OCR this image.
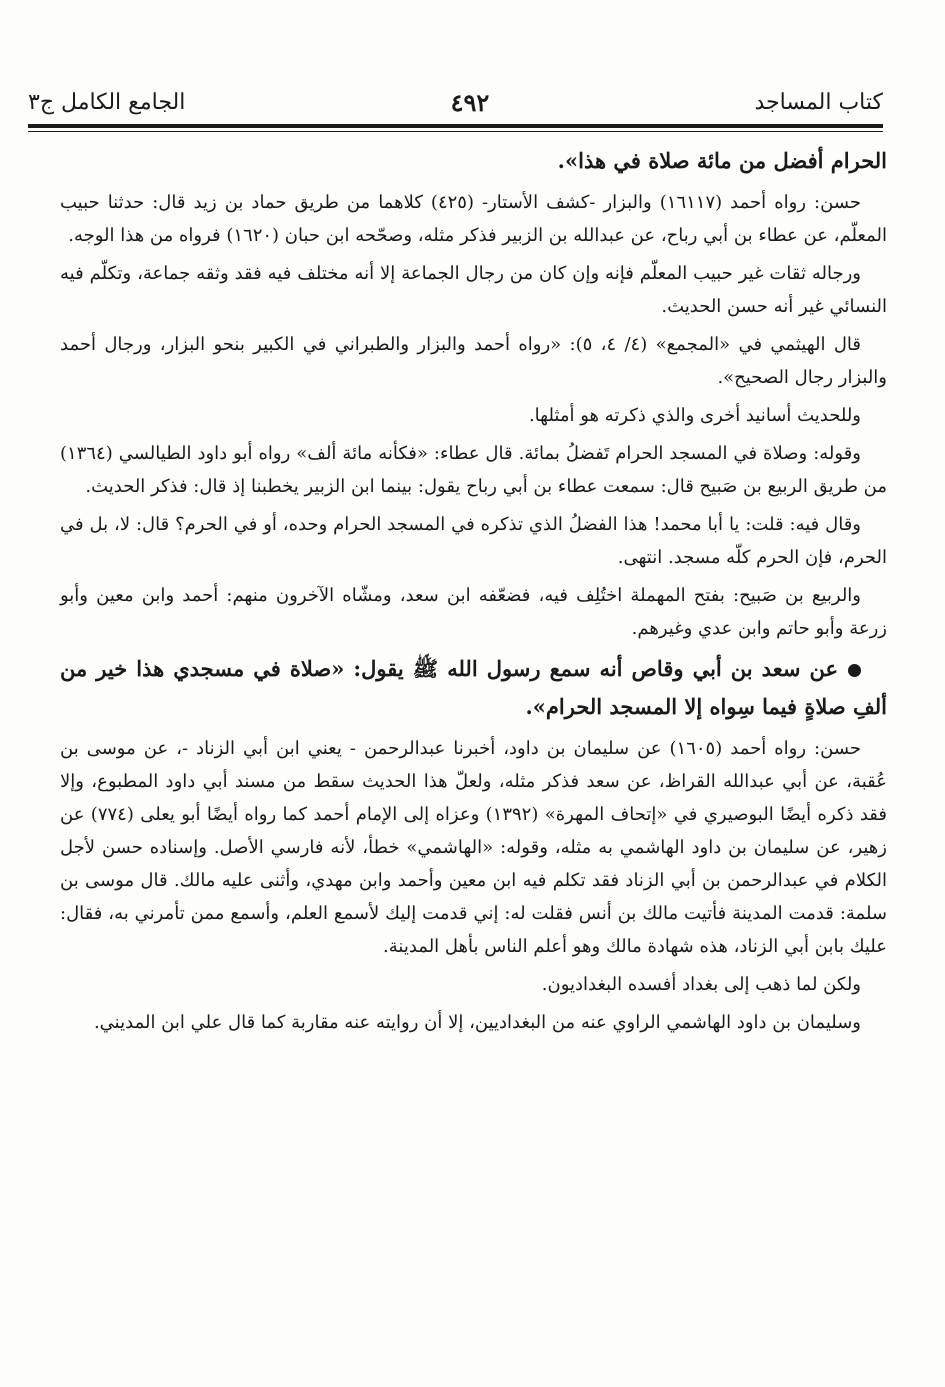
كتاب المساجد
٤٩٢
الجامع الكامل ج٣

الحرام أفضل من مائة صلاة في هذا».

حسن: رواه أحمد (١٦١١٧) والبزار -كشف الأستار- (٤٢٥) كلاهما من طريق حماد بن زيد قال: حدثنا حبيب المعلّم، عن عطاء بن أبي رباح، عن عبدالله بن الزبير فذكر مثله، وصحّحه ابن حبان (١٦٢٠) فرواه من هذا الوجه.

ورجاله ثقات غير حبيب المعلّم فإنه وإن كان من رجال الجماعة إلا أنه مختلف فيه فقد وثقه جماعة، وتكلّم فيه النسائي غير أنه حسن الحديث.

قال الهيثمي في «المجمع» (٤/ ٤، ٥): «رواه أحمد والبزار والطبراني في الكبير بنحو البزار، ورجال أحمد والبزار رجال الصحيح».

وللحديث أسانيد أخرى والذي ذكرته هو أمثلها.

وقوله: وصلاة في المسجد الحرام تَفضلُ بمائة. قال عطاء: «فكأنه مائة ألف» رواه أبو داود الطيالسي (١٣٦٤) من طريق الربيع بن صَبيح قال: سمعت عطاء بن أبي رباح يقول: بينما ابن الزبير يخطبنا إذ قال: فذكر الحديث.

وقال فيه: قلت: يا أبا محمد! هذا الفضلُ الذي تذكره في المسجد الحرام وحده، أو في الحرم؟ قال: لا، بل في الحرم، فإن الحرم كلّه مسجد. انتهى.

والربيع بن صَبيح: بفتح المهملة اختُلِف فيه، فضعّفه ابن سعد، ومشّاه الآخرون منهم: أحمد وابن معين وأبو زرعة وأبو حاتم وابن عدي وغيرهم.

عن سعد بن أبي وقاص أنه سمع رسول الله ﷺ يقول: «صلاة في مسجدي هذا خير من ألفِ صلاةٍ فيما سِواه إلا المسجد الحرام».

حسن: رواه أحمد (١٦٠٥) عن سليمان بن داود، أخبرنا عبدالرحمن - يعني ابن أبي الزناد -، عن موسى بن عُقبة، عن أبي عبدالله القراظ، عن سعد فذكر مثله، ولعلّ هذا الحديث سقط من مسند أبي داود المطبوع، وإلا فقد ذكره أيضًا البوصيري في «إتحاف المهرة» (١٣٩٢) وعزاه إلى الإمام أحمد كما رواه أيضًا أبو يعلى (٧٧٤) عن زهير، عن سليمان بن داود الهاشمي به مثله، وقوله: «الهاشمي» خطأ، لأنه فارسي الأصل. وإسناده حسن لأجل الكلام في عبدالرحمن بن أبي الزناد فقد تكلم فيه ابن معين وأحمد وابن مهدي، وأثنى عليه مالك. قال موسى بن سلمة: قدمت المدينة فأتيت مالك بن أنس فقلت له: إني قدمت إليك لأسمع العلم، وأسمع ممن تأمرني به، فقال: عليك بابن أبي الزناد، هذه شهادة مالك وهو أعلم الناس بأهل المدينة.

ولكن لما ذهب إلى بغداد أفسده البغداديون.

وسليمان بن داود الهاشمي الراوي عنه من البغداديين، إلا أن روايته عنه مقاربة كما قال علي ابن المديني.
